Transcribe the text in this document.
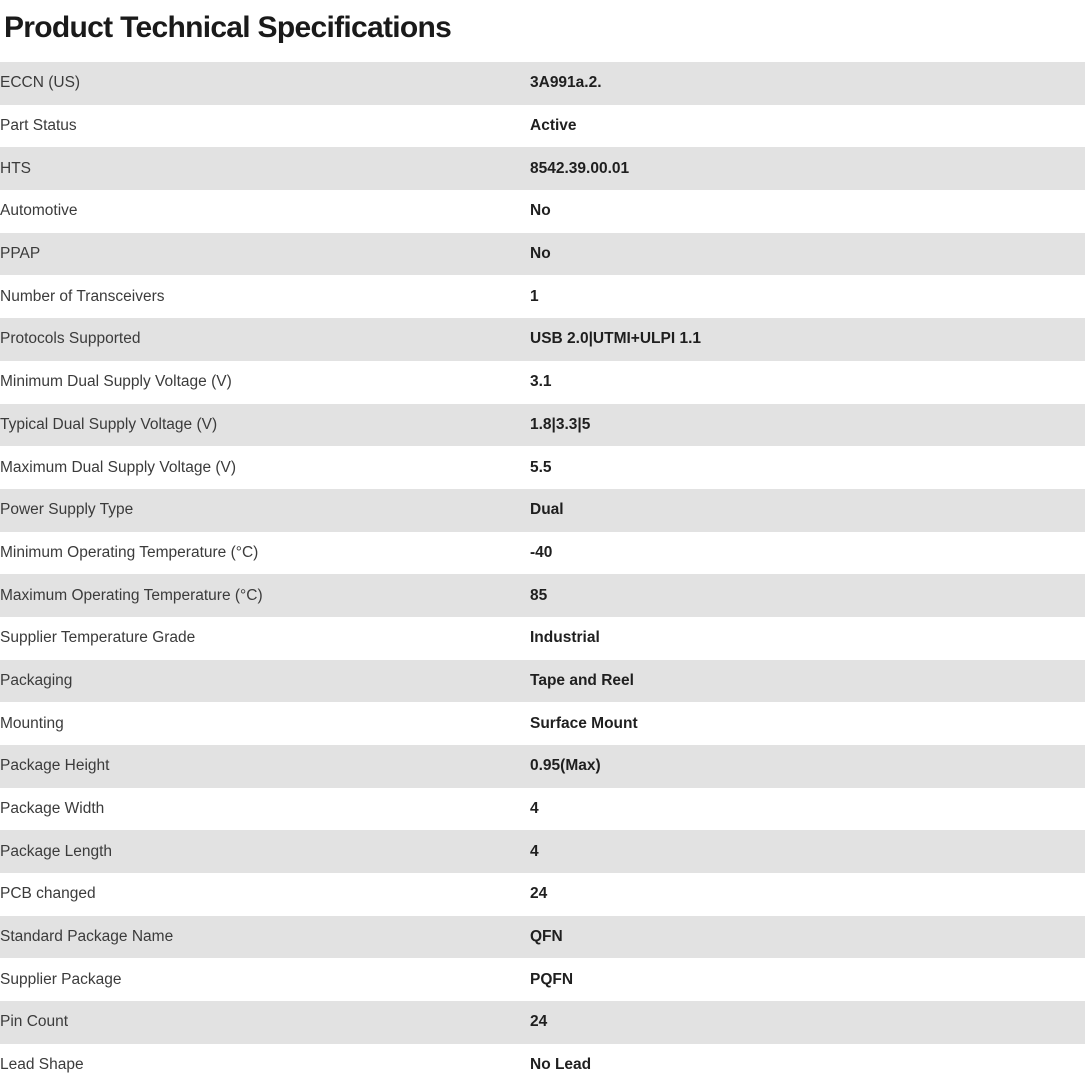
Product Technical Specifications
ECCN (US)	3A991a.2.
Part Status	Active
HTS	8542.39.00.01
Automotive	No
PPAP	No
Number of Transceivers	1
Protocols Supported	USB 2.0|UTMI+ULPI 1.1
Minimum Dual Supply Voltage (V)	3.1
Typical Dual Supply Voltage (V)	1.8|3.3|5
Maximum Dual Supply Voltage (V)	5.5
Power Supply Type	Dual
Minimum Operating Temperature (°C)	-40
Maximum Operating Temperature (°C)	85
Supplier Temperature Grade	Industrial
Packaging	Tape and Reel
Mounting	Surface Mount
Package Height	0.95(Max)
Package Width	4
Package Length	4
PCB changed	24
Standard Package Name	QFN
Supplier Package	PQFN
Pin Count	24
Lead Shape	No Lead
